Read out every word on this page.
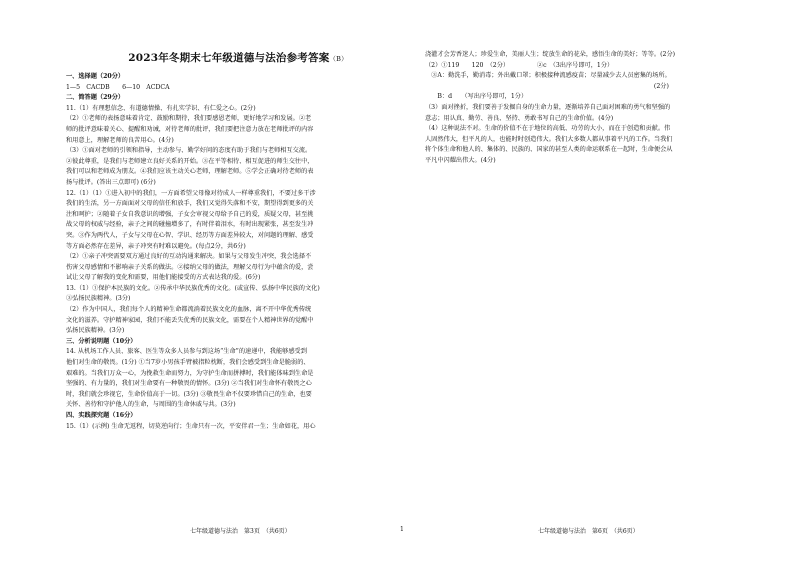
2023年冬期末七年级道德与法治参考答案（B）
一、选择题（20分）
1—5　CACDB　　6—10　ACDCA
二、简答题（29分）
11.（1）有理想信念、有道德情操、有扎实学识、有仁爱之心。(2分)
（2）①老师的表扬意味着肯定、鼓励和期待，我们要感恩老师，更好地学习和发展。②老
师的批评意味着关心、提醒和劝诫，对待老师的批评，我们要把注意力放在老师批评的内容
和用意上，理解老师的良苦用心。(4分)
（3）①面对老师的引领和指导，主动参与、勤学好问的态度有助于我们与老师相互交流。
②彼此尊重，是我们与老师建立良好关系的开始。③在平等相待、相互促进的师生交往中，
我们可以和老师成为朋友。④我们应该主动关心老师，理解老师。⑤学会正确对待老师的表
扬与批评。(答出三点即可) (6分)
12.（1）（1）①进入初中的我们，一方面希望父母像对待成人一样尊重我们，不要过多干涉
我们的生活，另一方面面对父母的信任和放手，我们又觉得失落和不安，期望得到更多的关
注和呵护；②随着子女自我意识的增强，子女会审视父母给予自己的爱，质疑父母，甚至挑
战父母的权威与经验，亲子之间的碰撞增多了，有时伴着泪水，有时出现紧张，甚至发生冲
突。③作为两代人，子女与父母在心智、学识、经历等方面差异较大，对问题的理解、感受
等方面必然存在差异，亲子冲突有时难以避免。(每点2分，共6分)
（2）①亲子冲突需要双方通过良好的互动沟通来解决。如果与父母发生冲突，我会选择不
伤害父母感情和不影响亲子关系的做法。②接纳父母的做法，理解父母行为中蕴含的爱，尝
试让父母了解我的变化和需要，用他们能接受的方式表达我的爱。(6分)
13.（1）①保护本民族的文化。②传承中华民族优秀的文化。(或宣传、弘扬中华民族的文化)
③弘扬民族精神。(3分)
（2）作为中国人，我们每个人的精神生命都流淌着民族文化的血脉，离不开中华优秀传统
文化的滋养。守护精神家园，我们不能丢失优秀的民族文化，需要在个人精神世界的觉醒中
弘扬民族精神。(3分)
三、分析说明题（10分）
14. 从机场工作人员、旅客、医生等众多人员参与到这场“生命”的速递中，我能够感受到
他们对生命的敬畏。(1分) ①当7岁小男孩手臂被指粒枕断，我们会感受到生命是脆弱的、
艰难的。当我们万众一心，为挽救生命而努力，为守护生命而拼搏时，我们能体味到生命是
坚强的、有力量的，我们对生命要有一种敬畏的情怀。(3分) ②当我们对生命怀有敬畏之心
时，我们就会珍视它，生命价值高于一切。(3分) ③敬畏生命不仅要珍惜自己的生命，也要
关怀、善待和守护他人的生命，与周围的生命休戚与共。(3分)
四、实践探究题（16分）
15.（1）(示例) 生命无返程，切莫逆向行；生命只有一次，平安伴君一生；生命如花，用心
浇灌才会芳香迷人；珍爱生命，美丽人生；绽放生命的花朵，感悟生命的美好；等等。(2分)
（2）①119　　120　（2分）　　　　　②c　（3出序号即可，1分）
　③A：勤洗手，勤消毒；外出戴口罩；积极接种流感疫苗；尽量减少去人员密集的场所。
　　　　　　　　　　　　　　　　　　　　　　　　　　　　　　　　　　　　　(2分)
　　B：d　　（写出序号即可，1分）
（3）面对挫折，我们要善于发掘自身的生命力量，逐渐培养自己面对困难的勇气和坚强的
意志；用认真、勤劳、善良、坚持、勇敢书写自己的生命价值。(4分)
（4）这种说法不对。生命的价值不在于地位的高低、功劳的大小，而在于创造和贡献。伟
人固然伟大，但平凡的人，也能时时创造伟大。我们大多数人都从事着平凡的工作。当我们
将个体生命和他人的、集体的、民族的、国家的甚至人类的命运联系在一起时，生命便会从
平凡中闪耀出伟大。(4分)
七年级道德与法治　第3页　（共6页）	1	七年级道德与法治　第6页　（共6页）
